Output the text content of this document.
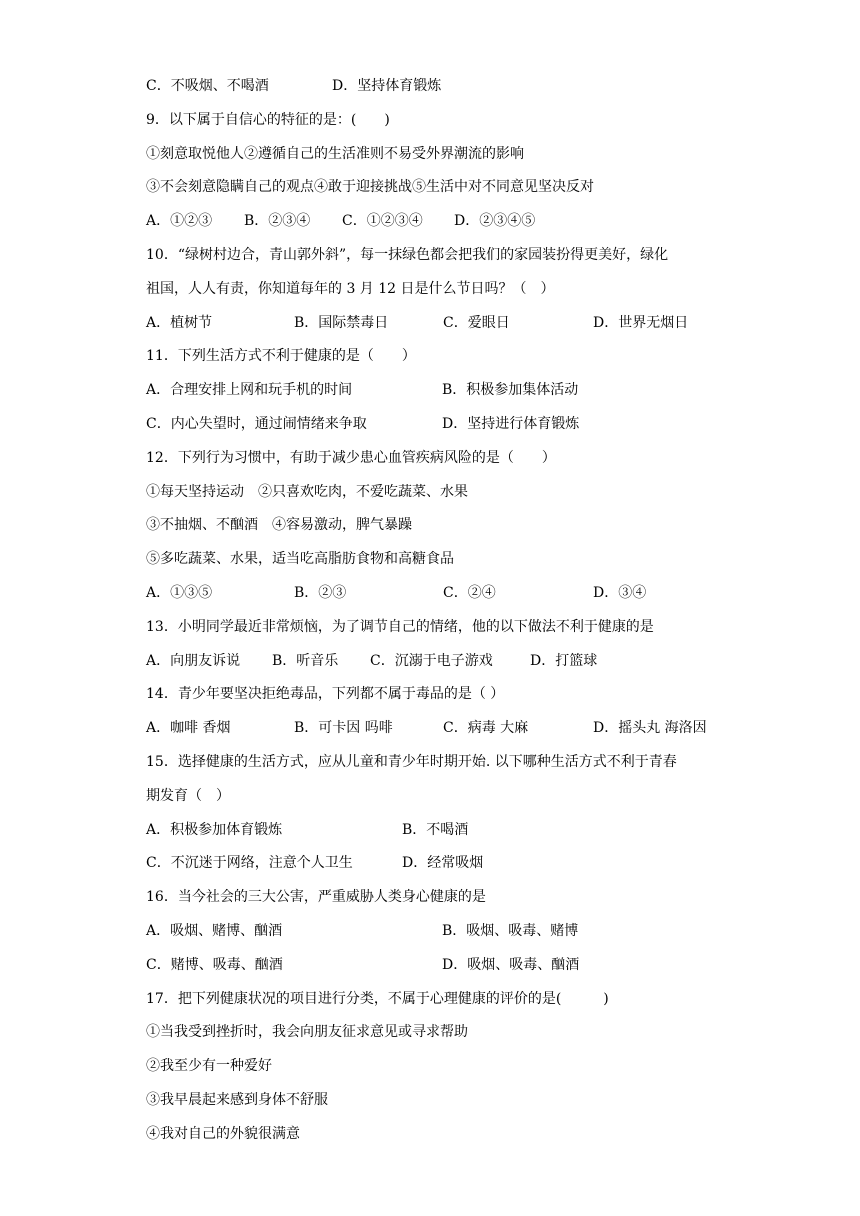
C．不吸烟、不喝酒	D．坚持体育锻炼
9．以下属于自信心的特征的是：(　　)
①刻意取悦他人②遵循自己的生活准则不易受外界潮流的影响
③不会刻意隐瞒自己的观点④敢于迎接挑战⑤生活中对不同意见坚决反对
A．①②③ B．②③④ C．①②③④ D．②③④⑤
10．“绿树村边合，青山郭外斜”，每一抹绿色都会把我们的家园装扮得更美好，绿化
祖国，人人有责，你知道每年的 3 月 12 日是什么节日吗？（　）
A．植树节	B．国际禁毒日	C．爱眼日	D．世界无烟日
11．下列生活方式不利于健康的是（　　）
A．合理安排上网和玩手机的时间	B．积极参加集体活动
C．内心失望时，通过闹情绪来争取	D．坚持进行体育锻炼
12．下列行为习惯中，有助于减少患心血管疾病风险的是（　　）
①每天坚持运动　②只喜欢吃肉，不爱吃蔬菜、水果
③不抽烟、不酗酒　④容易激动，脾气暴躁
⑤多吃蔬菜、水果，适当吃高脂肪食物和高糖食品
A．①③⑤	B．②③	C．②④	D．③④
13．小明同学最近非常烦恼，为了调节自己的情绪，他的以下做法不利于健康的是
A．向朋友诉说 B．听音乐 C．沉溺于电子游戏	D．打篮球
14．青少年要坚决拒绝毒品，下列都不属于毒品的是（ ）
A．咖啡 香烟	B．可卡因 吗啡	C．病毒 大麻	D．摇头丸 海洛因
15．选择健康的生活方式，应从儿童和青少年时期开始. 以下哪种生活方式不利于青春
期发育（　）
A．积极参加体育锻炼	B．不喝酒
C．不沉迷于网络，注意个人卫生	D．经常吸烟
16．当今社会的三大公害，严重威胁人类身心健康的是
A．吸烟、赌博、酗酒	B．吸烟、吸毒、赌博
C．赌博、吸毒、酗酒	D．吸烟、吸毒、酗酒
17．把下列健康状况的项目进行分类，不属于心理健康的评价的是(　　　)
①当我受到挫折时，我会向朋友征求意见或寻求帮助
②我至少有一种爱好
③我早晨起来感到身体不舒服
④我对自己的外貌很满意
